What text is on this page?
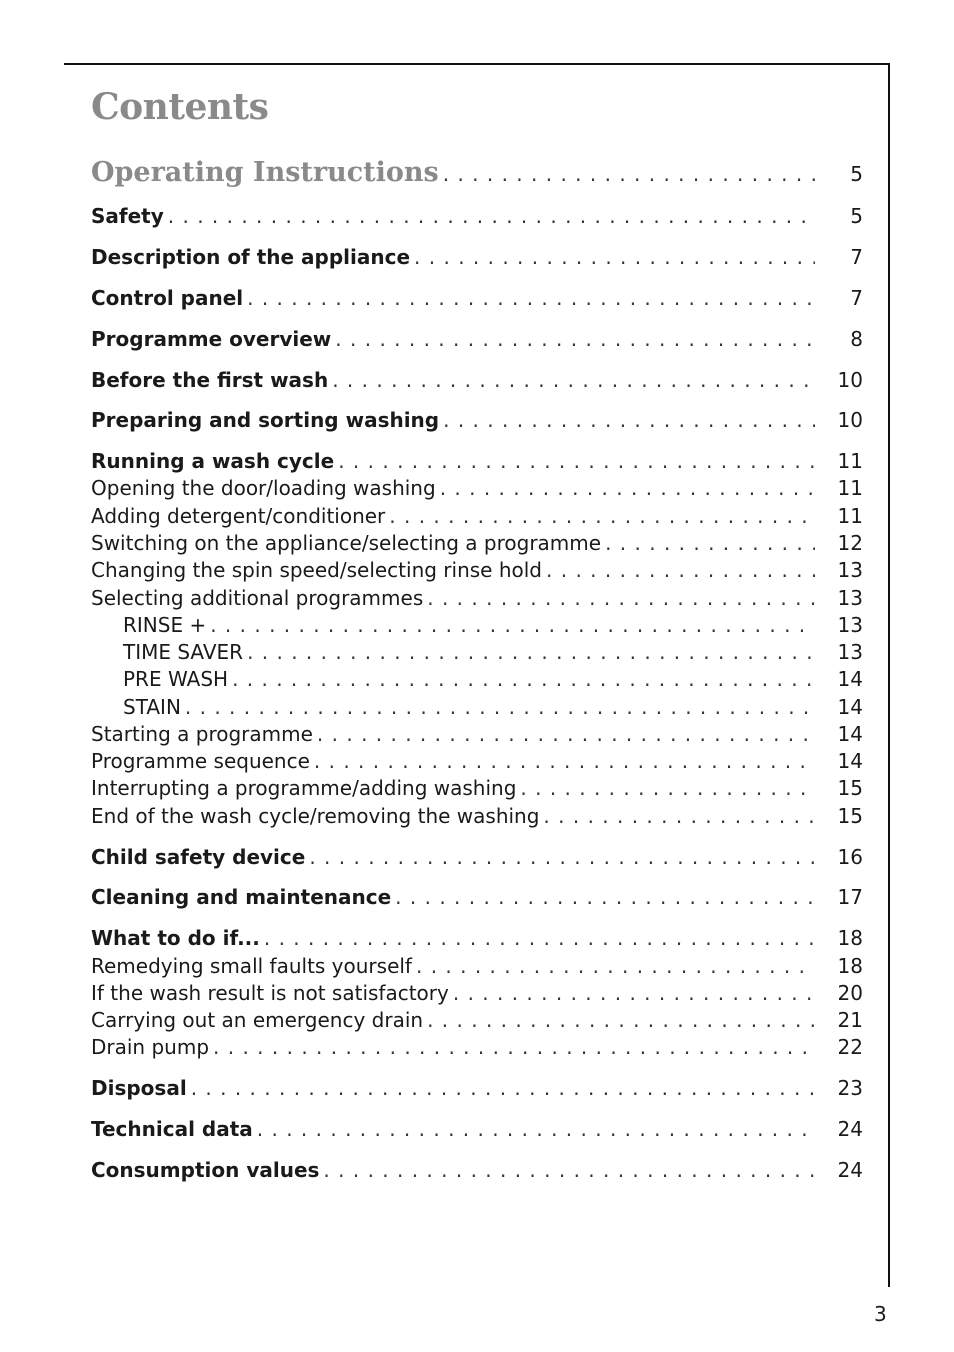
Contents
Operating Instructions . . .	5
Safety . . .	5
Description of the appliance . . .	7
Control panel . . .	7
Programme overview . . .	8
Before the first wash . . .	10
Preparing and sorting washing . . .	10
Running a wash cycle . . .	11
Opening the door/loading washing . . .	11
Adding detergent/conditioner . . .	11
Switching on the appliance/selecting a programme . . .	12
Changing the spin speed/selecting rinse hold . . .	13
Selecting additional programmes . . .	13
RINSE + . . .	13
TIME SAVER . . .	13
PRE WASH . . .	14
STAIN . . .	14
Starting a programme . . .	14
Programme sequence . . .	14
Interrupting a programme/adding washing . . .	15
End of the wash cycle/removing the washing . . .	15
Child safety device . . .	16
Cleaning and maintenance . . .	17
What to do if... . . .	18
Remedying small faults yourself . . .	18
If the wash result is not satisfactory . . .	20
Carrying out an emergency drain . . .	21
Drain pump . . .	22
Disposal . . .	23
Technical data . . .	24
Consumption values . . .	24
3
